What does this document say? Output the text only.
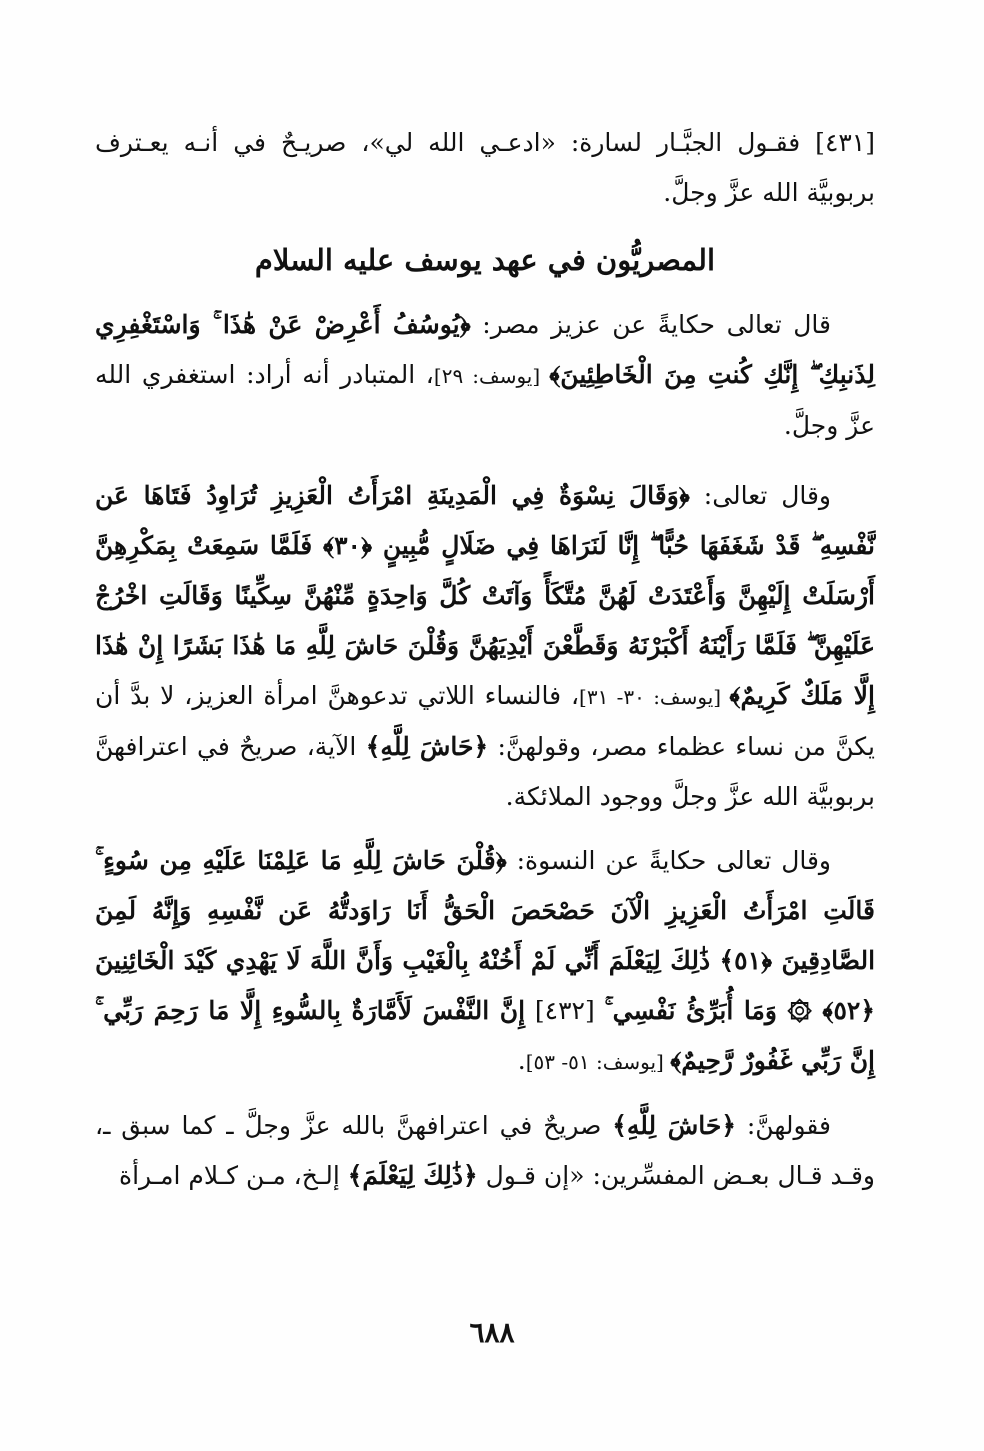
[٤٣١] فقـول الجبَّـار لسارة: «ادعـي الله لي»، صريـحٌ في أنـه يعـترف بربوبيَّة الله عزَّ وجلَّ.

المصريُّون في عهد يوسف عليه السلام

قال تعالى حكايةً عن عزيز مصر: ﴿يُوسُفُ أَعْرِضْ عَنْ هَٰذَا ۚ وَاسْتَغْفِرِي لِذَنبِكِ ۖ إِنَّكِ كُنتِ مِنَ الْخَاطِئِينَ﴾ [يوسف: ٢٩]، المتبادر أنه أراد: استغفري الله عزَّ وجلَّ.

وقال تعالى: ﴿وَقَالَ نِسْوَةٌ فِي الْمَدِينَةِ امْرَأَتُ الْعَزِيزِ تُرَاوِدُ فَتَاهَا عَن نَّفْسِهِ ۖ قَدْ شَغَفَهَا حُبًّا ۖ إِنَّا لَنَرَاهَا فِي ضَلَالٍ مُّبِينٍ ﴿٣٠﴾ فَلَمَّا سَمِعَتْ بِمَكْرِهِنَّ أَرْسَلَتْ إِلَيْهِنَّ وَأَعْتَدَتْ لَهُنَّ مُتَّكَأً وَآتَتْ كُلَّ وَاحِدَةٍ مِّنْهُنَّ سِكِّينًا وَقَالَتِ اخْرُجْ عَلَيْهِنَّ ۖ فَلَمَّا رَأَيْنَهُ أَكْبَرْنَهُ وَقَطَّعْنَ أَيْدِيَهُنَّ وَقُلْنَ حَاشَ لِلَّهِ مَا هَٰذَا بَشَرًا إِنْ هَٰذَا إِلَّا مَلَكٌ كَرِيمٌ﴾ [يوسف: ٣٠- ٣١]، فالنساء اللاتي تدعوهنَّ امرأة العزيز، لا بدَّ أن يكنَّ من نساء عظماء مصر، وقولهنَّ: ﴿حَاشَ لِلَّهِ﴾ الآية، صريحٌ في اعترافهنَّ بربوبيَّة الله عزَّ وجلَّ ووجود الملائكة.

وقال تعالى حكايةً عن النسوة: ﴿قُلْنَ حَاشَ لِلَّهِ مَا عَلِمْنَا عَلَيْهِ مِن سُوءٍ ۚ قَالَتِ امْرَأَتُ الْعَزِيزِ الْآنَ حَصْحَصَ الْحَقُّ أَنَا رَاوَدتُّهُ عَن نَّفْسِهِ وَإِنَّهُ لَمِنَ الصَّادِقِينَ ﴿٥١﴾ ذَٰلِكَ لِيَعْلَمَ أَنِّي لَمْ أَخُنْهُ بِالْغَيْبِ وَأَنَّ اللَّهَ لَا يَهْدِي كَيْدَ الْخَائِنِينَ ﴿٥٢﴾ ۞ وَمَا أُبَرِّئُ نَفْسِي ۚ [٤٣٢] إِنَّ النَّفْسَ لَأَمَّارَةٌ بِالسُّوءِ إِلَّا مَا رَحِمَ رَبِّي ۚ إِنَّ رَبِّي غَفُورٌ رَّحِيمٌ﴾ [يوسف: ٥١- ٥٣].

فقولهنَّ: ﴿حَاشَ لِلَّهِ﴾ صريحٌ في اعترافهنَّ بالله عزَّ وجلَّ ـ كما سبق ـ، وقـد قـال بعـض المفسِّرين: «إن قـول ﴿ذَٰلِكَ لِيَعْلَمَ﴾ إلـخ، مـن كـلام امـرأة

٦٨٨
